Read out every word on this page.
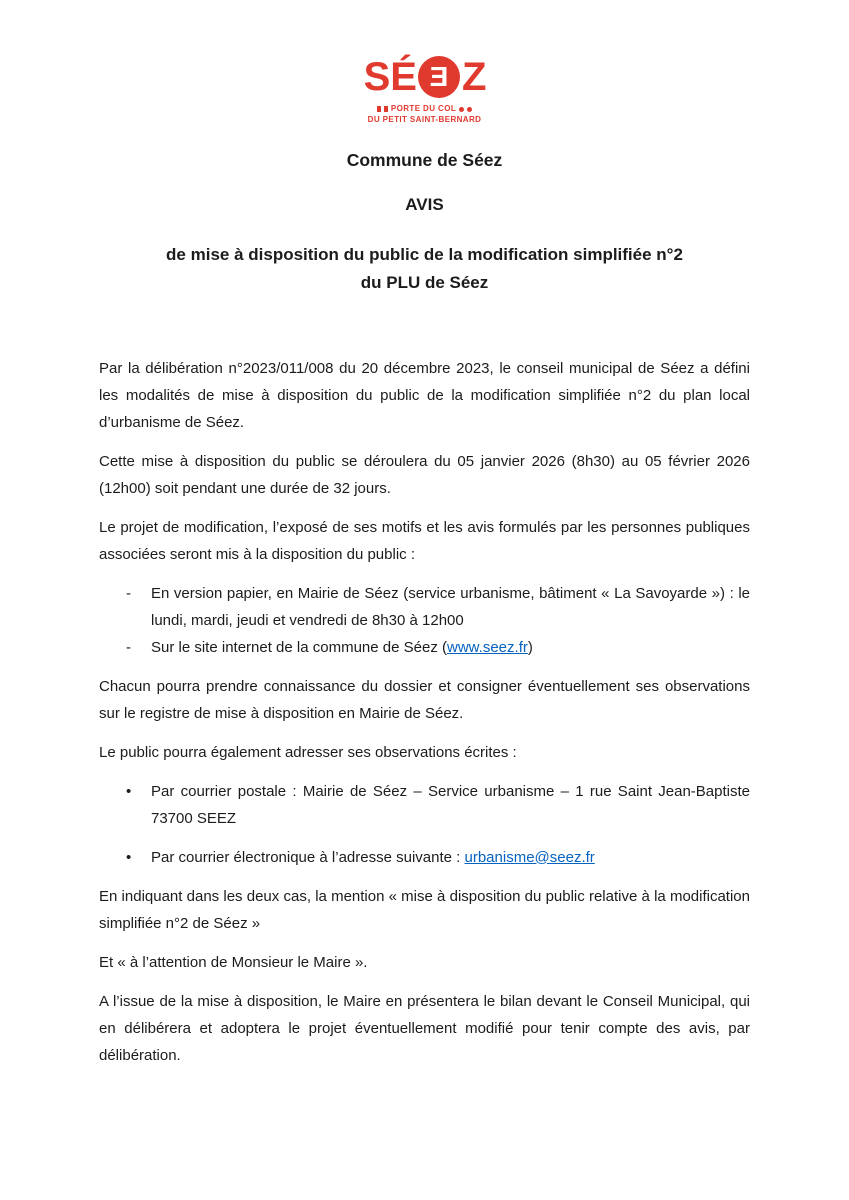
S É Ǝ Z
PORTE DU COL
DU PETIT SAINT-BERNARD

Commune de Séez

AVIS

de mise à disposition du public de la modification simplifiée n°2
du PLU de Séez

Par la délibération n°2023/011/008 du 20 décembre 2023, le conseil municipal de Séez a défini les modalités de mise à disposition du public de la modification simplifiée n°2 du plan local d’urbanisme de Séez.

Cette mise à disposition du public se déroulera du 05 janvier 2026 (8h30) au 05 février 2026 (12h00) soit pendant une durée de 32 jours.

Le projet de modification, l’exposé de ses motifs et les avis formulés par les personnes publiques associées seront mis à la disposition du public :

- En version papier, en Mairie de Séez (service urbanisme, bâtiment « La Savoyarde ») : le lundi, mardi, jeudi et vendredi de 8h30 à 12h00
- Sur le site internet de la commune de Séez (www.seez.fr)

Chacun pourra prendre connaissance du dossier et consigner éventuellement ses observations sur le registre de mise à disposition en Mairie de Séez.

Le public pourra également adresser ses observations écrites :

• Par courrier postale : Mairie de Séez – Service urbanisme – 1 rue Saint Jean-Baptiste 73700 SEEZ
• Par courrier électronique à l’adresse suivante : urbanisme@seez.fr

En indiquant dans les deux cas, la mention « mise à disposition du public relative à la modification simplifiée n°2 de Séez »

Et « à l’attention de Monsieur le Maire ».

A l’issue de la mise à disposition, le Maire en présentera le bilan devant le Conseil Municipal, qui en délibérera et adoptera le projet éventuellement modifié pour tenir compte des avis, par délibération.
